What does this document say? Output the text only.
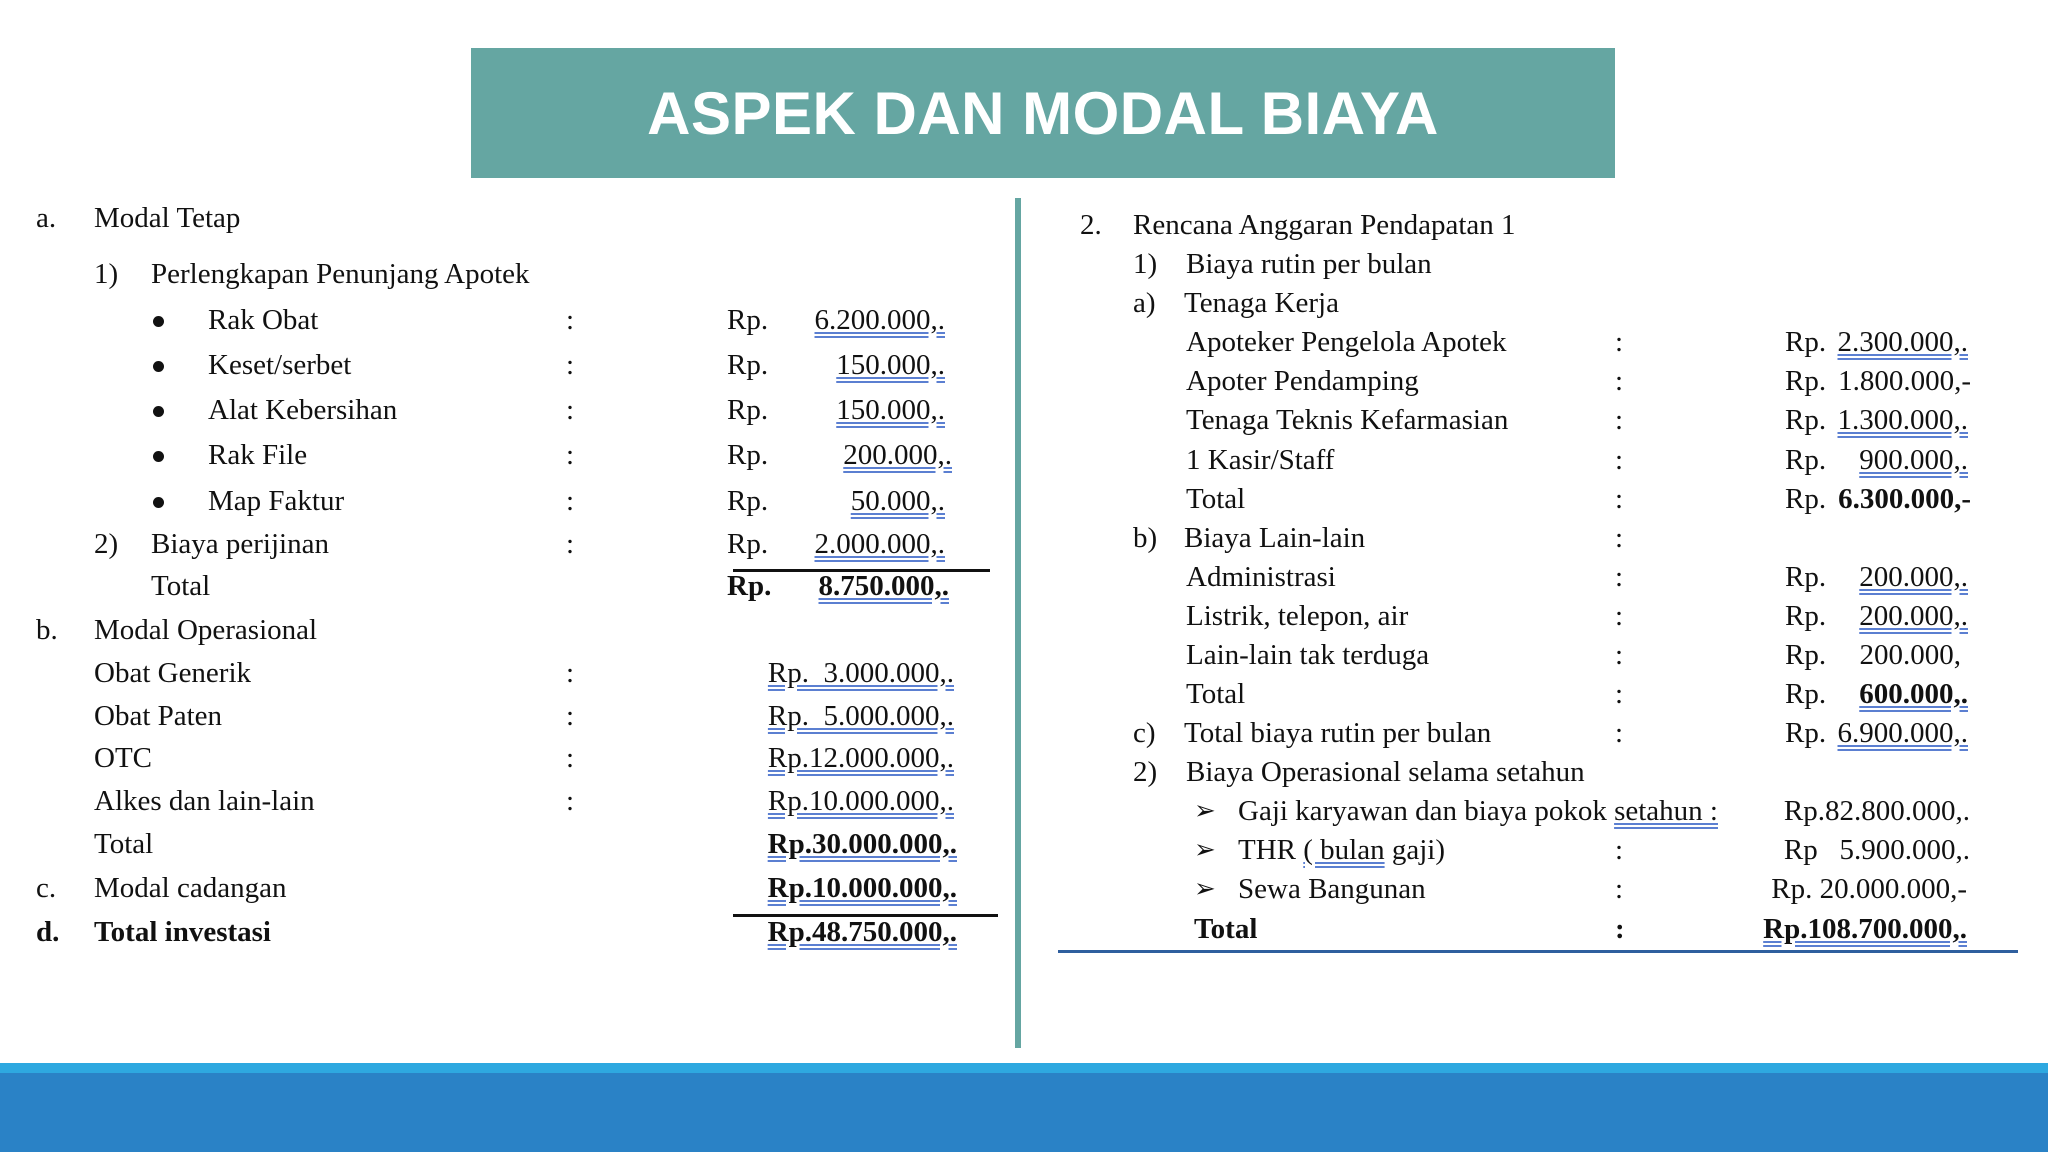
ASPEK DAN MODAL BIAYA
a. Modal Tetap
1) Perlengkapan Penunjang Apotek
Rak Obat	:	Rp. 6.200.000,.
Keset/serbet	:	Rp. 150.000,.
Alat Kebersihan	:	Rp. 150.000,.
Rak File	:	Rp.	200.000,.
Map Faktur	:	Rp.	50.000,.
2) Biaya perijinan	:	Rp. 2.000.000,.
Total	Rp. 8.750.000,.
b. Modal Operasional
Obat Generik	:	Rp.  3.000.000,.
Obat Paten	:	Rp.  5.000.000,.
OTC	:	Rp.12.000.000,.
Alkes dan lain-lain	:	Rp.10.000.000,.
Total	Rp.30.000.000,.
c. Modal cadangan	Rp.10.000.000,.
d. Total investasi	Rp.48.750.000,.
2. Rencana Anggaran Pendapatan 1
1) Biaya rutin per bulan
a) Tenaga Kerja
Apoteker Pengelola Apotek	:	Rp. 2.300.000,.
Apoter Pendamping	:	Rp. 1.800.000,-
Tenaga Teknis Kefarmasian	:	Rp. 1.300.000,.
1 Kasir/Staff	:	Rp. 900.000,.
Total	:	Rp. 6.300.000,-
b) Biaya Lain-lain	:
Administrasi	:	Rp. 200.000,.
Listrik, telepon, air	:	Rp. 200.000,.
Lain-lain tak terduga	:	Rp. 200.000,
Total	:	Rp. 600.000,.
c) Total biaya rutin per bulan	:	Rp. 6.900.000,.
2) Biaya Operasional selama setahun
➢ Gaji karyawan dan biaya pokok setahun : Rp.82.800.000,.
➢ THR ( bulan gaji)	:	Rp   5.900.000,.
➢ Sewa Bangunan	:	Rp. 20.000.000,-
Total	:	Rp.108.700.000,.
